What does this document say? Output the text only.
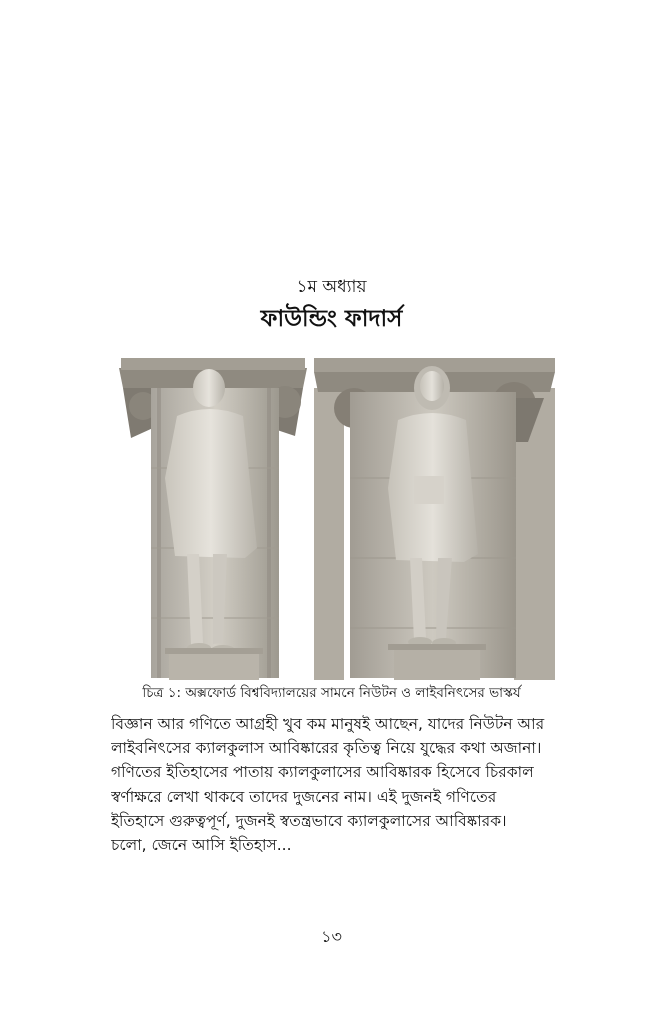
১ম অধ্যায়
ফাউন্ডিং ফাদার্স
চিত্র ১: অক্সফোর্ড বিশ্ববিদ্যালয়ের সামনে নিউটন ও লাইবনিৎসের ভাস্কর্য
বিজ্ঞান আর গণিতে আগ্রহী খুব কম মানুষই আছেন, যাদের নিউটন আর
লাইবনিৎসের ক্যালকুলাস আবিষ্কারের কৃতিত্ব নিয়ে যুদ্ধের কথা অজানা।
গণিতের ইতিহাসের পাতায় ক্যালকুলাসের আবিষ্কারক হিসেবে চিরকাল
স্বর্ণাক্ষরে লেখা থাকবে তাদের দুজনের নাম। এই দুজনই গণিতের
ইতিহাসে গুরুত্বপূর্ণ, দুজনই স্বতন্ত্রভাবে ক্যালকুলাসের আবিষ্কারক।
চলো, জেনে আসি ইতিহাস...
১৩
